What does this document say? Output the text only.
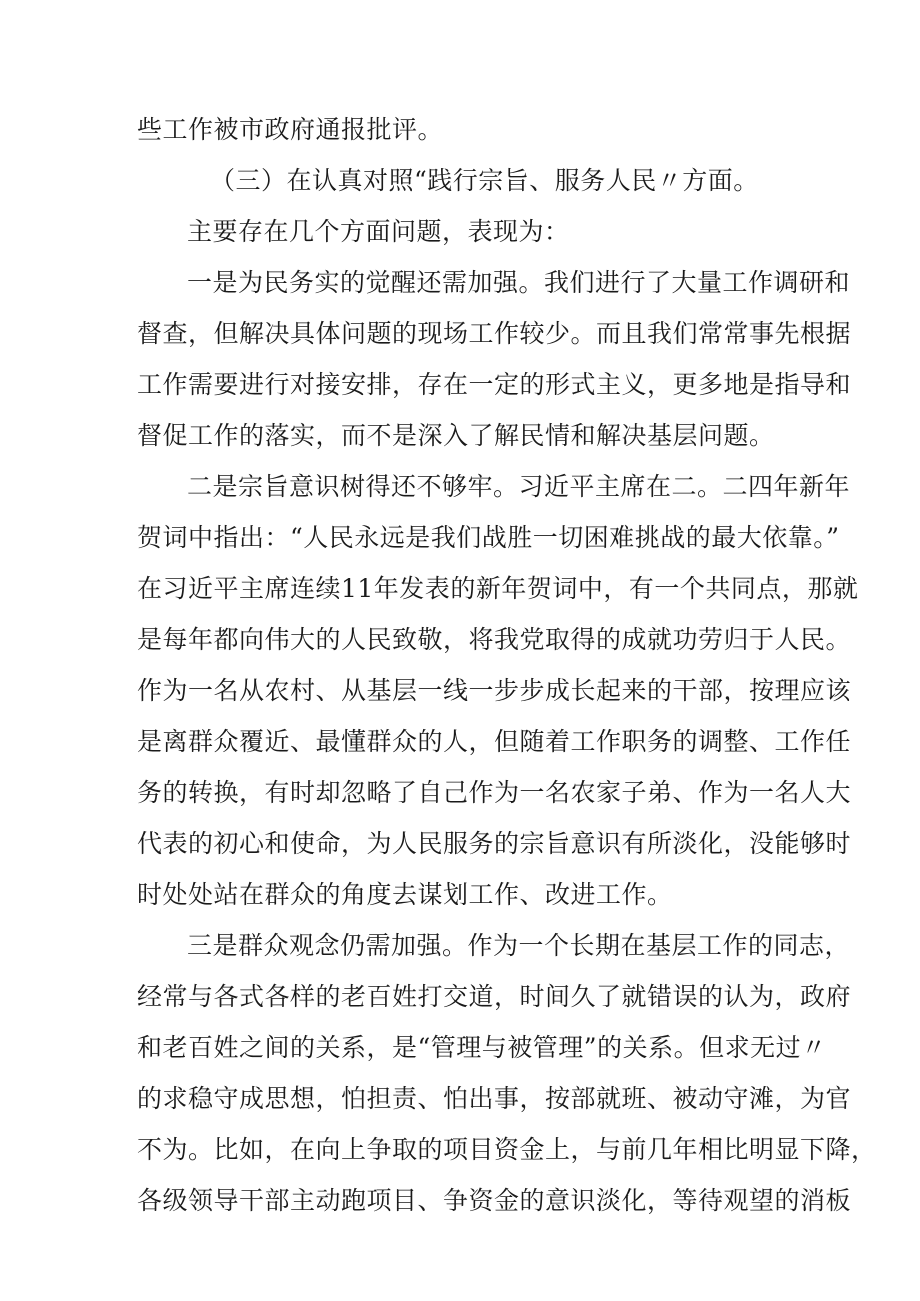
些工作被市政府通报批评。
（三）在认真对照“践行宗旨、服务人民〃方面。
主要存在几个方面问题，表现为：
一是为民务实的觉醒还需加强。我们进行了大量工作调研和
督查，但解决具体问题的现场工作较少。而且我们常常事先根据
工作需要进行对接安排，存在一定的形式主义，更多地是指导和
督促工作的落实，而不是深入了解民情和解决基层问题。
二是宗旨意识树得还不够牢。习近平主席在二。二四年新年
贺词中指出：“人民永远是我们战胜一切困难挑战的最大依靠。”
在习近平主席连续11年发表的新年贺词中，有一个共同点，那就
是每年都向伟大的人民致敬，将我党取得的成就功劳归于人民。
作为一名从农村、从基层一线一步步成长起来的干部，按理应该
是离群众覆近、最懂群众的人，但随着工作职务的调整、工作任
务的转换，有时却忽略了自己作为一名农家子弟、作为一名人大
代表的初心和使命，为人民服务的宗旨意识有所淡化，没能够时
时处处站在群众的角度去谋划工作、改进工作。
三是群众观念仍需加强。作为一个长期在基层工作的同志，
经常与各式各样的老百姓打交道，时间久了就错误的认为，政府
和老百姓之间的关系，是“管理与被管理”的关系。但求无过〃
的求稳守成思想，怕担责、怕出事，按部就班、被动守滩，为官
不为。比如，在向上争取的项目资金上，与前几年相比明显下降，
各级领导干部主动跑项目、争资金的意识淡化，等待观望的消板
